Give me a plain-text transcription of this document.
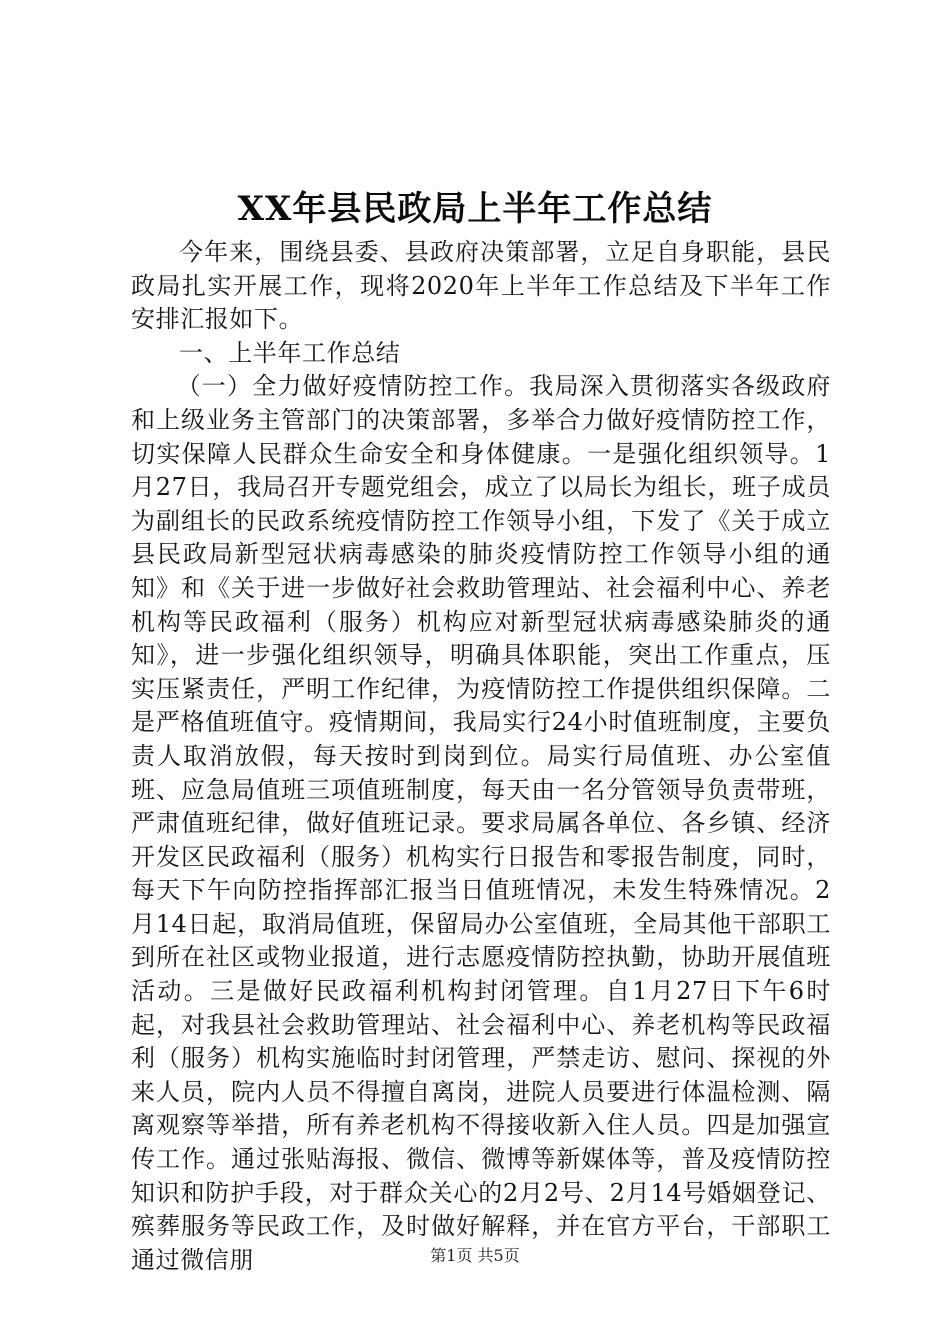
XX年县民政局上半年工作总结

今年来，围绕县委、县政府决策部署，立足自身职能，县民政局扎实开展工作，现将2020年上半年工作总结及下半年工作安排汇报如下。

一、上半年工作总结

（一）全力做好疫情防控工作。我局深入贯彻落实各级政府和上级业务主管部门的决策部署，多举合力做好疫情防控工作，切实保障人民群众生命安全和身体健康。一是强化组织领导。1月27日，我局召开专题党组会，成立了以局长为组长，班子成员为副组长的民政系统疫情防控工作领导小组，下发了《关于成立县民政局新型冠状病毒感染的肺炎疫情防控工作领导小组的通知》和《关于进一步做好社会救助管理站、社会福利中心、养老机构等民政福利（服务）机构应对新型冠状病毒感染肺炎的通知》，进一步强化组织领导，明确具体职能，突出工作重点，压实压紧责任，严明工作纪律，为疫情防控工作提供组织保障。二是严格值班值守。疫情期间，我局实行24小时值班制度，主要负责人取消放假，每天按时到岗到位。局实行局值班、办公室值班、应急局值班三项值班制度，每天由一名分管领导负责带班，严肃值班纪律，做好值班记录。要求局属各单位、各乡镇、经济开发区民政福利（服务）机构实行日报告和零报告制度，同时，每天下午向防控指挥部汇报当日值班情况，未发生特殊情况。2月14日起，取消局值班，保留局办公室值班，全局其他干部职工到所在社区或物业报道，进行志愿疫情防控执勤，协助开展值班活动。三是做好民政福利机构封闭管理。自1月27日下午6时起，对我县社会救助管理站、社会福利中心、养老机构等民政福利（服务）机构实施临时封闭管理，严禁走访、慰问、探视的外来人员，院内人员不得擅自离岗，进院人员要进行体温检测、隔离观察等举措，所有养老机构不得接收新入住人员。四是加强宣传工作。通过张贴海报、微信、微博等新媒体等，普及疫情防控知识和防护手段，对于群众关心的2月2号、2月14号婚姻登记、殡葬服务等民政工作，及时做好解释，并在官方平台，干部职工通过微信朋	第1页 共5页
